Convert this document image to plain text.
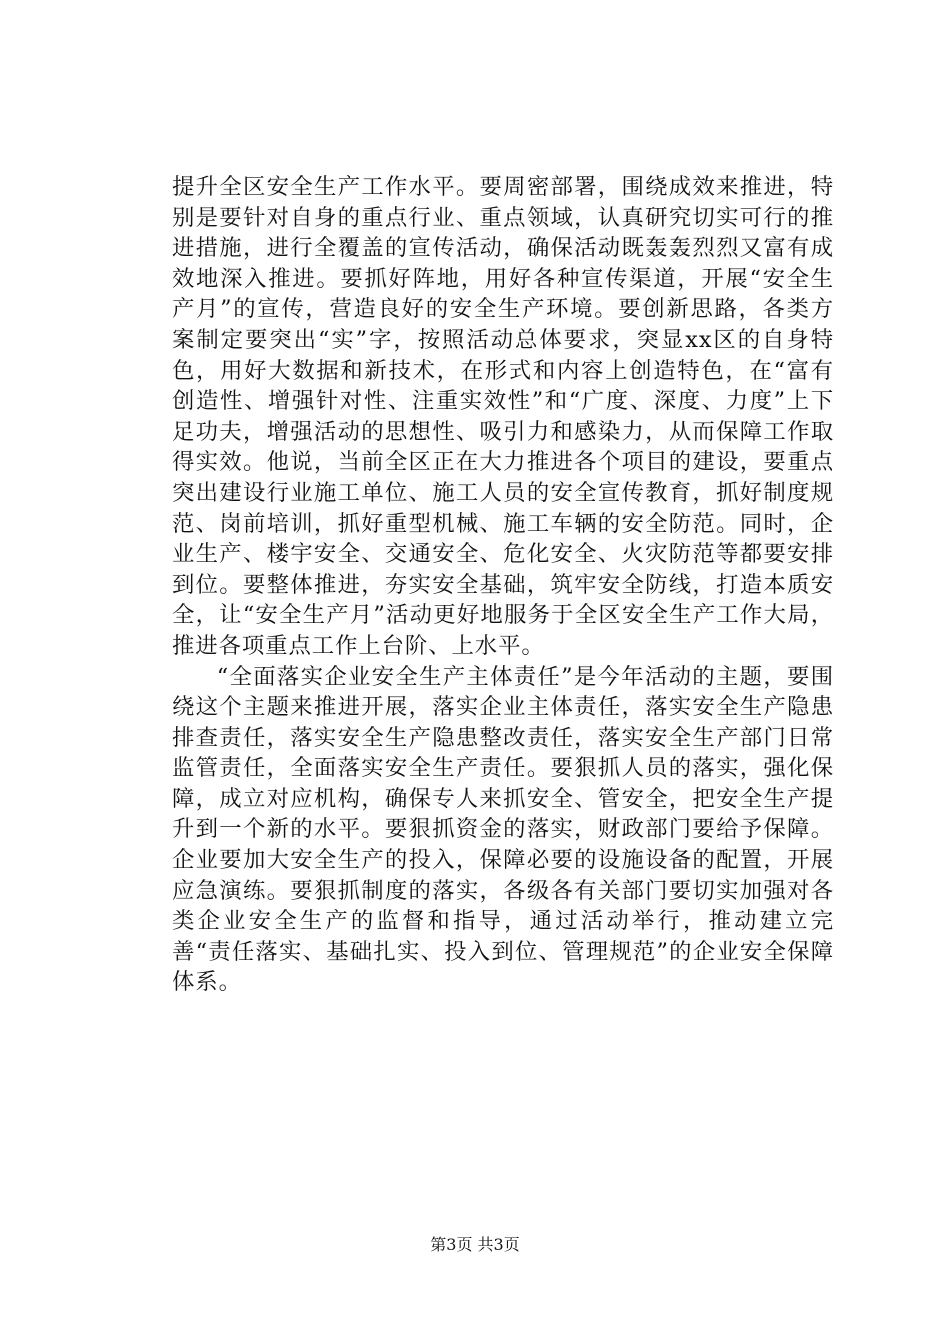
提升全区安全生产工作水平。要周密部署，围绕成效来推进，特别是要针对自身的重点行业、重点领域，认真研究切实可行的推进措施，进行全覆盖的宣传活动，确保活动既轰轰烈烈又富有成效地深入推进。要抓好阵地，用好各种宣传渠道，开展“安全生产月”的宣传，营造良好的安全生产环境。要创新思路，各类方案制定要突出“实”字，按照活动总体要求，突显xx区的自身特色，用好大数据和新技术，在形式和内容上创造特色，在“富有创造性、增强针对性、注重实效性”和“广度、深度、力度”上下足功夫，增强活动的思想性、吸引力和感染力，从而保障工作取得实效。他说，当前全区正在大力推进各个项目的建设，要重点突出建设行业施工单位、施工人员的安全宣传教育，抓好制度规范、岗前培训，抓好重型机械、施工车辆的安全防范。同时，企业生产、楼宇安全、交通安全、危化安全、火灾防范等都要安排到位。要整体推进，夯实安全基础，筑牢安全防线，打造本质安全，让“安全生产月”活动更好地服务于全区安全生产工作大局，推进各项重点工作上台阶、上水平。

“全面落实企业安全生产主体责任”是今年活动的主题，要围绕这个主题来推进开展，落实企业主体责任，落实安全生产隐患排查责任，落实安全生产隐患整改责任，落实安全生产部门日常监管责任，全面落实安全生产责任。要狠抓人员的落实，强化保障，成立对应机构，确保专人来抓安全、管安全，把安全生产提升到一个新的水平。要狠抓资金的落实，财政部门要给予保障。企业要加大安全生产的投入，保障必要的设施设备的配置，开展应急演练。要狠抓制度的落实，各级各有关部门要切实加强对各类企业安全生产的监督和指导，通过活动举行，推动建立完善“责任落实、基础扎实、投入到位、管理规范”的企业安全保障体系。

第3页 共3页
